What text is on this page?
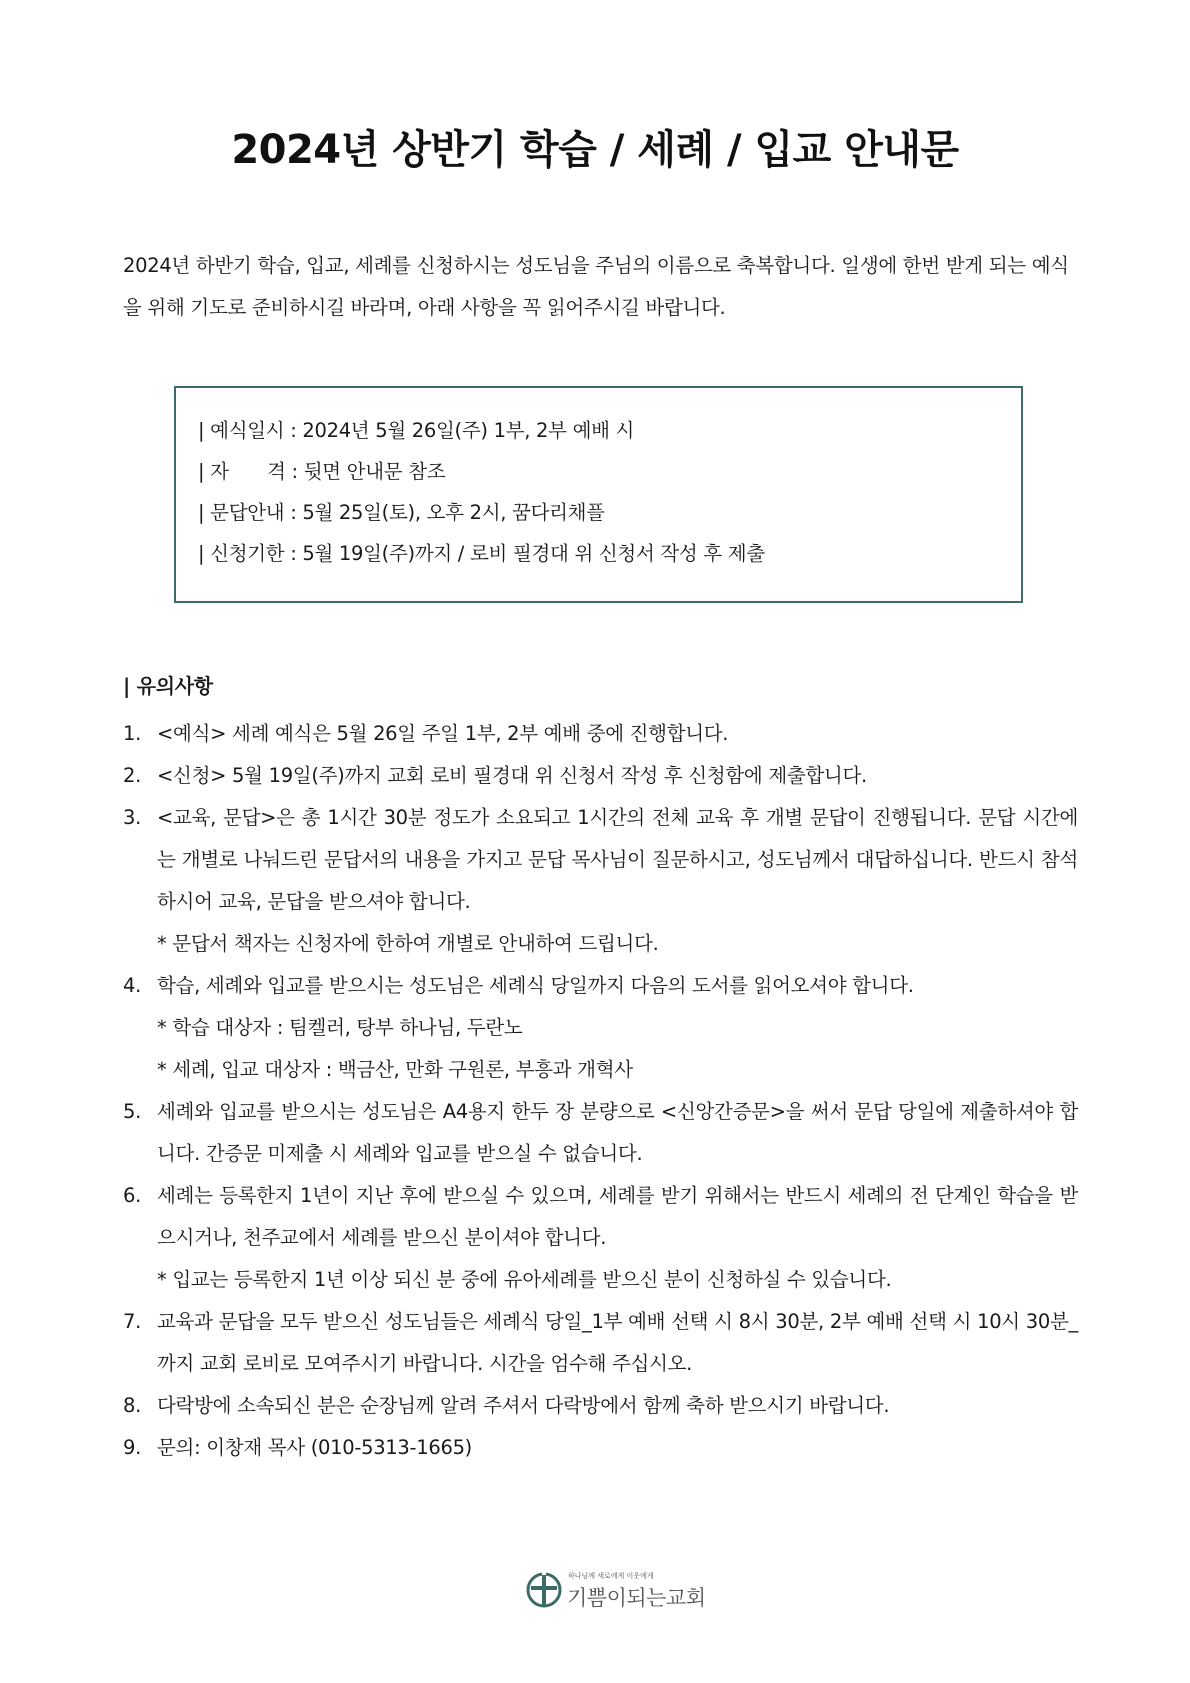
2024년 상반기 학습 / 세례 / 입교 안내문
2024년 하반기 학습, 입교, 세례를 신청하시는 성도님을 주님의 이름으로 축복합니다. 일생에 한번 받게 되는 예식을 위해 기도로 준비하시길 바라며, 아래 사항을 꼭 읽어주시길 바랍니다.
| 예식일시 : 2024년 5월 26일(주) 1부, 2부 예배 시
| 자　　격 : 뒷면 안내문 참조
| 문답안내 : 5월 25일(토), 오후 2시, 꿈다리채플
| 신청기한 : 5월 19일(주)까지 / 로비 필경대 위 신청서 작성 후 제출
| 유의사항
1. <예식> 세례 예식은 5월 26일 주일 1부, 2부 예배 중에 진행합니다.
2. <신청> 5월 19일(주)까지 교회 로비 필경대 위 신청서 작성 후 신청함에 제출합니다.
3. <교육, 문답>은 총 1시간 30분 정도가 소요되고 1시간의 전체 교육 후 개별 문답이 진행됩니다. 문답 시간에는 개별로 나눠드린 문답서의 내용을 가지고 문답 목사님이 질문하시고, 성도님께서 대답하십니다. 반드시 참석하시어 교육, 문답을 받으셔야 합니다.
* 문답서 책자는 신청자에 한하여 개별로 안내하여 드립니다.
4. 학습, 세례와 입교를 받으시는 성도님은 세례식 당일까지 다음의 도서를 읽어오셔야 합니다.
* 학습 대상자 : 팀켈러, 탕부 하나님, 두란노
* 세례, 입교 대상자 : 백금산, 만화 구원론, 부흥과 개혁사
5. 세례와 입교를 받으시는 성도님은 A4용지 한두 장 분량으로 <신앙간증문>을 써서 문답 당일에 제출하셔야 합니다. 간증문 미제출 시 세례와 입교를 받으실 수 없습니다.
6. 세례는 등록한지 1년이 지난 후에 받으실 수 있으며, 세례를 받기 위해서는 반드시 세례의 전 단계인 학습을 받으시거나, 천주교에서 세례를 받으신 분이셔야 합니다.
* 입교는 등록한지 1년 이상 되신 분 중에 유아세례를 받으신 분이 신청하실 수 있습니다.
7. 교육과 문답을 모두 받으신 성도님들은 세례식 당일_1부 예배 선택 시 8시 30분, 2부 예배 선택 시 10시 30분_까지 교회 로비로 모여주시기 바랍니다. 시간을 엄수해 주십시오.
8. 다락방에 소속되신 분은 순장님께 알려 주셔서 다락방에서 함께 축하 받으시기 바랍니다.
9. 문의: 이창재 목사 (010-5313-1665)
하나님께 세로에게 이웃에게
기쁨이되는교회
